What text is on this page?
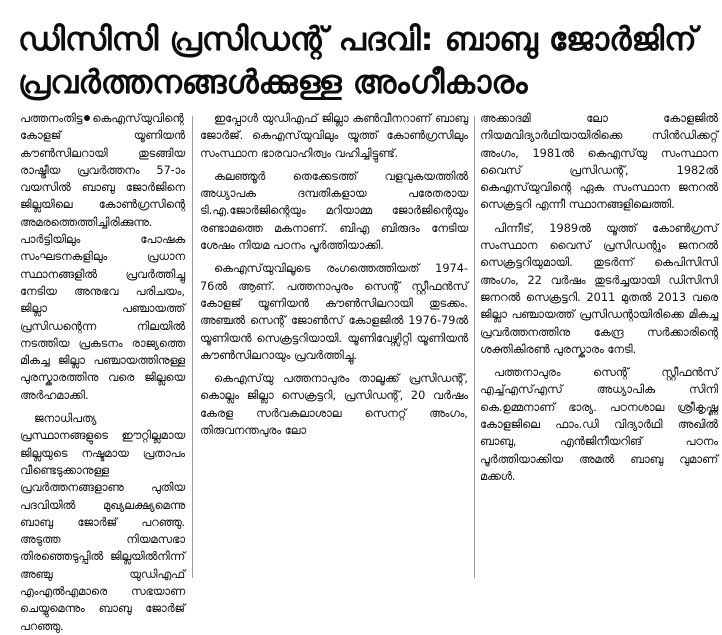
ഡിസിസി പ്രസിഡന്റ് പദവി: ബാബു ജോർജിന്
പ്രവർത്തനങ്ങൾക്കുള്ള അംഗീകാരം

പത്തനംതിട്ട കെഎസ്‌യുവിന്റെ കോളജ് യൂണിയൻ കൗൺസിലറായി തുടങ്ങിയ രാഷ്ട്രീയ പ്രവർത്തനം 57-ാം വയസിൽ ബാബു ജോർജിനെ ജില്ലയിലെ കോൺഗ്രസിന്റെ അമരത്തെത്തിച്ചിരിക്കുന്നു. പാർട്ടിയിലും പോഷക സംഘടനകളിലും പ്രധാന സ്ഥാനങ്ങളിൽ പ്രവർത്തിച്ചു നേടിയ അനുഭവ പരിചയം, ജില്ലാ പഞ്ചായത്ത് പ്രസിഡന്റെന്ന നിലയിൽ നടത്തിയ പ്രകടനം രാജ്യത്തെ മികച്ച ജില്ലാ പഞ്ചായത്തിനുള്ള പുരസ്കാരത്തിനു വരെ ജില്ലയെ അർഹമാക്കി.

ജനാധിപത്യ പ്രസ്ഥാനങ്ങളുടെ ഈറ്റില്ലമായ ജില്ലയുടെ നഷ്ടമായ പ്രതാപം വീണ്ടെടുക്കാനുള്ള പ്രവർത്തനങ്ങളാണു പുതിയ പദവിയിൽ മുഖ്യലക്ഷ്യമെന്നു ബാബു ജോർജ് പറഞ്ഞു. അടുത്ത നിയമസഭാ തിരഞ്ഞെടുപ്പിൽ ജില്ലയിൽനിന്ന് അഞ്ചു യുഡിഎഫ് എംഎൽഎമാരെ സഭയാണ ചെയ്യുമെന്നും ബാബു ജോർജ് പറഞ്ഞു.

ഇപ്പോൾ യുഡിഎഫ് ജില്ലാ കൺവീനറാണ് ബാബു ജോർജ്. കെഎസ്‌യുവിലും യൂത്ത് കോൺഗ്രസിലും സംസ്ഥാന ഭാരവാഹിത്വം വഹിച്ചിട്ടുണ്ട്.

കലഞ്ഞൂർ തെക്കേടത്ത് വളവുകയത്തിൽ അധ്യാപക ദമ്പതികളായ പരേതരായ ടി.എ.ജോർജിന്റെയും മറിയാമ്മ ജോർജിന്റെയും രണ്ടാമത്തെ മകനാണ്. ബിഎ ബിരുദം നേടിയ ശേഷം നിയമ പഠനം പൂർത്തിയാക്കി.

കെഎസ്‌യുവിലൂടെ രംഗത്തെത്തിയത് 1974-76ൽ ആണ്. പത്തനാപുരം സെന്റ് സ്റ്റീഫൻസ് കോളജ് യൂണിയൻ കൗൺസിലറായി തുടക്കം. അഞ്ചൽ സെന്റ് ജോൺസ് കോളജിൽ 1976-79ൽ യൂണിയൻ സെക്രട്ടറിയായി. യൂണിവേഴ്സിറ്റി യൂണിയൻ കൗൺസിലറായും പ്രവർത്തിച്ചു.

കെഎസ്‌യു പത്തനാപുരം താലൂക്ക് പ്രസിഡന്റ്, കൊല്ലം ജില്ലാ സെക്രട്ടറി, പ്രസിഡന്റ്, 20 വർഷം കേരള സർവകലാശാല സെനറ്റ് അംഗം, തിരുവനന്തപുരം ലോ

അക്കാദമി ലോ കോളജിൽ നിയമവിദ്യാർഥിയായിരിക്കെ സിൻഡിക്കറ്റ് അംഗം, 1981ൽ കെഎസ്‌യു സംസ്ഥാന വൈസ് പ്രസിഡന്റ്, 1982ൽ കെഎസ്‌യുവിന്റെ ഏക സംസ്ഥാന ജനറൽ സെക്രട്ടറി എന്നീ സ്ഥാനങ്ങളിലെത്തി.

പിന്നീട്, 1989ൽ യൂത്ത് കോൺഗ്രസ് സംസ്ഥാന വൈസ് പ്രസിഡന്റും ജനറൽ സെക്രട്ടറിയുമായി. തുടർന്ന് കെപിസിസി അംഗം, 22 വർഷം തുടർച്ചയായി ഡിസിസി ജനറൽ സെക്രട്ടറി. 2011 മുതൽ 2013 വരെ ജില്ലാ പഞ്ചായത്ത് പ്രസിഡന്റായിരിക്കെ മികച്ച പ്രവർത്തനത്തിനു കേന്ദ്ര സർക്കാരിന്റെ ശക്തികിരൺ പുരസ്കാരം നേടി.

പത്തനാപുരം സെന്റ് സ്റ്റീഫൻസ് എച്ച്എസ്എസ് അധ്യാപിക സിനി കെ.ഉമ്മനാണ് ഭാര്യ. പഠനശാല ശ്രീകൃഷ്ണ കോളജിലെ ഫാം.ഡി വിദ്യാർഥി അഖിൽ ബാബു, എൻജിനീയറിങ് പഠനം പൂർത്തിയാക്കിയ അമൽ ബാബു വുമാണ് മക്കൾ.
